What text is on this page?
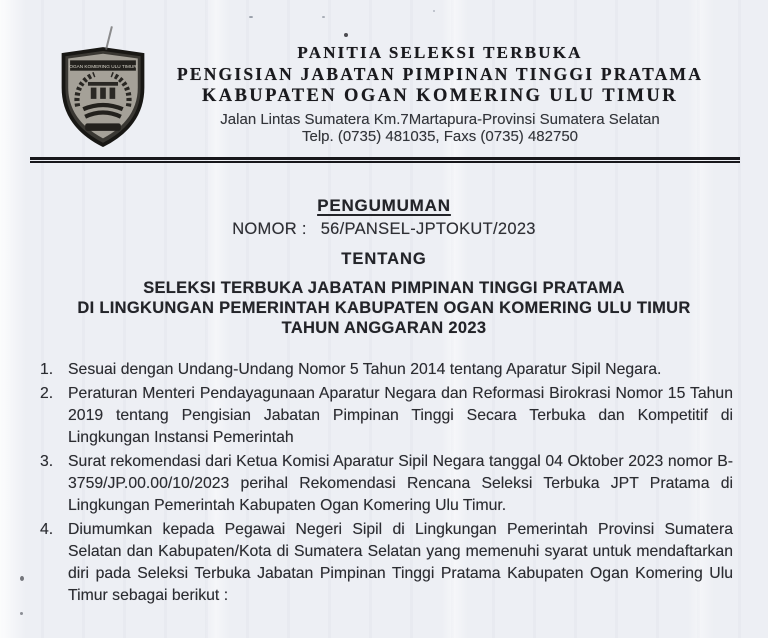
OGAN KOMERING ULU TIMUR
PANITIA SELEKSI TERBUKA
PENGISIAN JABATAN PIMPINAN TINGGI PRATAMA
KABUPATEN OGAN KOMERING ULU TIMUR
Jalan Lintas Sumatera Km.7Martapura-Provinsi Sumatera Selatan
Telp. (0735) 481035, Faxs (0735) 482750
PENGUMUMAN
NOMOR : 56/PANSEL-JPTOKUT/2023
TENTANG
SELEKSI TERBUKA JABATAN PIMPINAN TINGGI PRATAMA
DI LINGKUNGAN PEMERINTAH KABUPATEN OGAN KOMERING ULU TIMUR
TAHUN ANGGARAN 2023
1. Sesuai dengan Undang-Undang Nomor 5 Tahun 2014 tentang Aparatur Sipil Negara.
2. Peraturan Menteri Pendayagunaan Aparatur Negara dan Reformasi Birokrasi Nomor 15 Tahun 2019 tentang Pengisian Jabatan Pimpinan Tinggi Secara Terbuka dan Kompetitif di Lingkungan Instansi Pemerintah
3. Surat rekomendasi dari Ketua Komisi Aparatur Sipil Negara tanggal 04 Oktober 2023 nomor B-3759/JP.00.00/10/2023 perihal Rekomendasi Rencana Seleksi Terbuka JPT Pratama di Lingkungan Pemerintah Kabupaten Ogan Komering Ulu Timur.
4. Diumumkan kepada Pegawai Negeri Sipil di Lingkungan Pemerintah Provinsi Sumatera Selatan dan Kabupaten/Kota di Sumatera Selatan yang memenuhi syarat untuk mendaftarkan diri pada Seleksi Terbuka Jabatan Pimpinan Tinggi Pratama Kabupaten Ogan Komering Ulu Timur sebagai berikut :
